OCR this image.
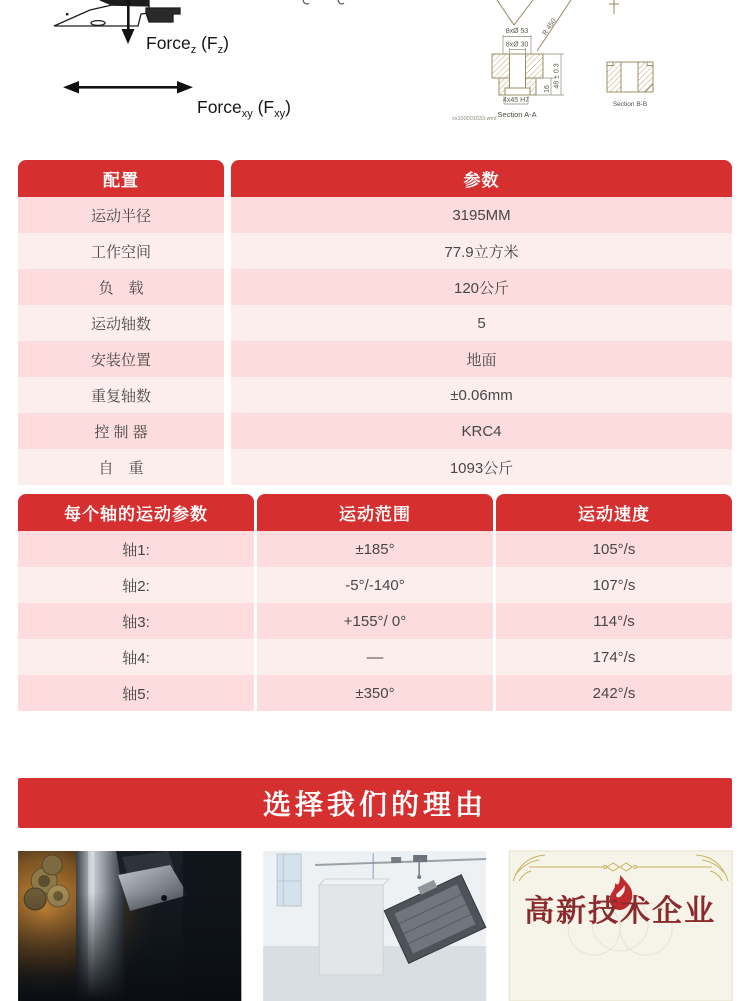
Force$_z$ $(F_z)$
Force$_{xy}$ $(F_{xy})$
R 450
8xØ 53
8xØ 30
4x45 H7
16
48 ± 0.3
Section A-A
Section B-B
xx100001033.wmf
配置	参数
运动半径	3195MM
工作空间	77.9立方米
负　载	120公斤
运动轴数	5
安装位置	地面
重复轴数	±0.06mm
控 制 器	KRC4
自　重	1093公斤
每个轴的运动参数	运动范围	运动速度
轴1:	±185°	105°/s
轴2:	-5°/-140°	107°/s
轴3:	+155°/ 0°	114°/s
轴4:	––	174°/s
轴5:	±350°	242°/s
选择我们的理由
高新技术企业
